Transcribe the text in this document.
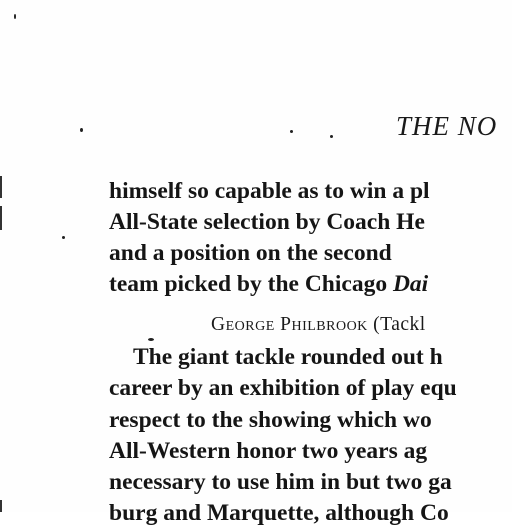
THE NO
himself so capable as to win a pl
All-State selection by Coach He
and a position on the second
team picked by the Chicago Dai
George Philbrook (Tackl
The giant tackle rounded out h
career by an exhibition of play equ
respect to the showing which wo
All-Western honor two years ag
necessary to use him in but two ga
burg and Marquette, although Co
